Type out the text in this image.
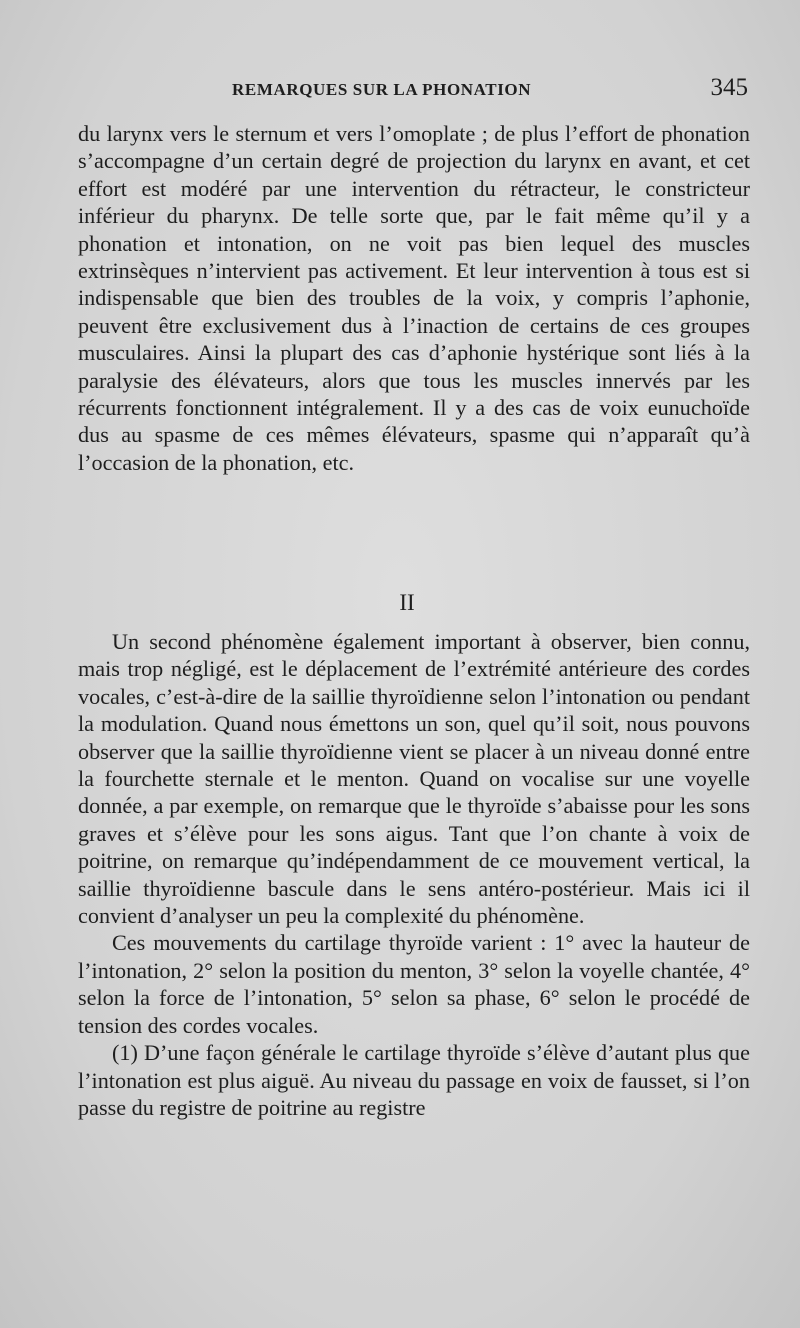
REMARQUES SUR LA PHONATION	345

du larynx vers le sternum et vers l’omoplate ; de plus l’effort de phonation s’accompagne d’un certain degré de projection du larynx en avant, et cet effort est modéré par une intervention du rétracteur, le constricteur inférieur du pharynx. De telle sorte que, par le fait même qu’il y a phonation et intonation, on ne voit pas bien lequel des muscles extrinsèques n’intervient pas activement. Et leur intervention à tous est si indispensable que bien des troubles de la voix, y compris l’aphonie, peuvent être exclusivement dus à l’inaction de certains de ces groupes musculaires. Ainsi la plupart des cas d’aphonie hystérique sont liés à la paralysie des élévateurs, alors que tous les muscles innervés par les récurrents fonctionnent intégralement. Il y a des cas de voix eunuchoïde dus au spasme de ces mêmes élévateurs, spasme qui n’apparaît qu’à l’occasion de la phonation, etc.

II

Un second phénomène également important à observer, bien connu, mais trop négligé, est le déplacement de l’extrémité antérieure des cordes vocales, c’est-à-dire de la saillie thyroïdienne selon l’intonation ou pendant la modulation. Quand nous émettons un son, quel qu’il soit, nous pouvons observer que la saillie thyroïdienne vient se placer à un niveau donné entre la fourchette sternale et le menton. Quand on vocalise sur une voyelle donnée, a par exemple, on remarque que le thyroïde s’abaisse pour les sons graves et s’élève pour les sons aigus. Tant que l’on chante à voix de poitrine, on remarque qu’indépendamment de ce mouvement vertical, la saillie thyroïdienne bascule dans le sens antéro-postérieur. Mais ici il convient d’analyser un peu la complexité du phénomène.

Ces mouvements du cartilage thyroïde varient : 1° avec la hauteur de l’intonation, 2° selon la position du menton, 3° selon la voyelle chantée, 4° selon la force de l’intonation, 5° selon sa phase, 6° selon le procédé de tension des cordes vocales.

(1) D’une façon générale le cartilage thyroïde s’élève d’autant plus que l’intonation est plus aiguë. Au niveau du passage en voix de fausset, si l’on passe du registre de poitrine au registre
